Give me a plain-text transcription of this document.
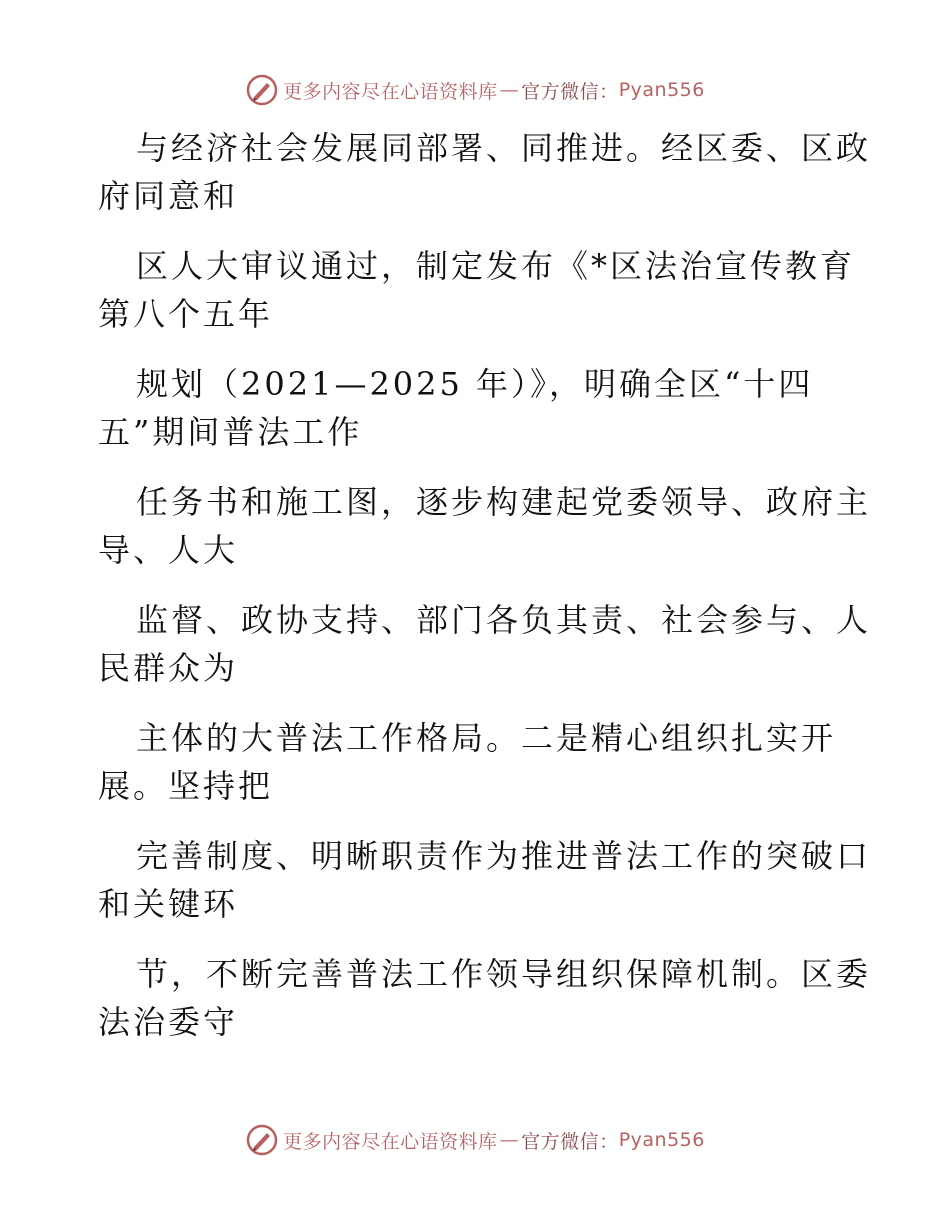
更多内容尽在心语资料库 — 官方微信： Pyan556
与经济社会发展同部署、同推进。经区委、区政
府同意和
区人大审议通过，制定发布《*区法治宣传教育
第八个五年
规划（2021—2025 年）》，明确全区“十四
五”期间普法工作
任务书和施工图，逐步构建起党委领导、政府主
导、人大
监督、政协支持、部门各负其责、社会参与、人
民群众为
主体的大普法工作格局。二是精心组织扎实开
展。坚持把
完善制度、明晰职责作为推进普法工作的突破口
和关键环
节，不断完善普法工作领导组织保障机制。区委
法治委守
更多内容尽在心语资料库 — 官方微信： Pyan556
